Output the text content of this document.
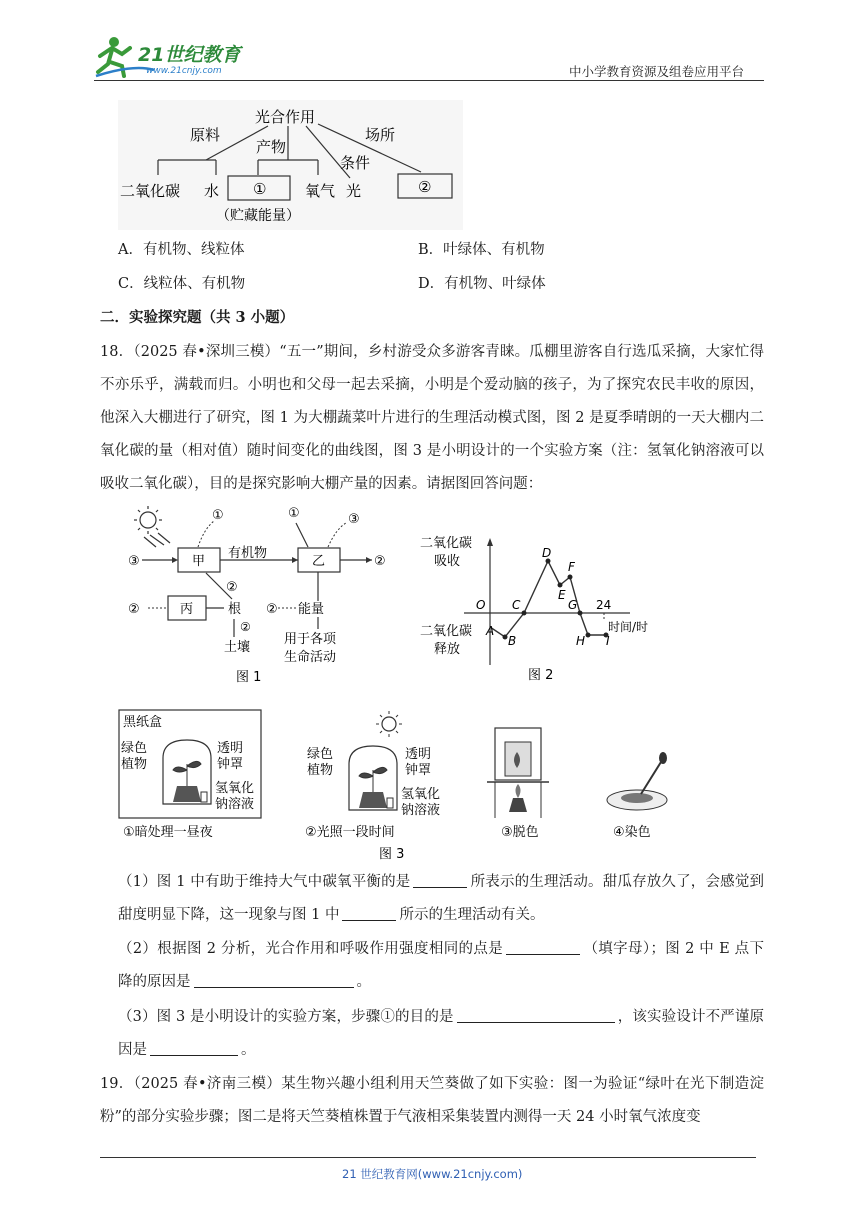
21世纪教育
www.21cnjy.com	中小学教育资源及组卷应用平台
光合作用
原料
产物
条件
场所
二氧化碳 水 ①	氧气 光	②
（贮藏能量）
A．有机物、线粒体	B．叶绿体、有机物
C．线粒体、有机物	D．有机物、叶绿体
二．实验探究题（共 3 小题）
18．（2025 春•深圳三模）“五一”期间，乡村游受众多游客青睐。瓜棚里游客自行选瓜采摘，大家忙得不亦乐乎，满载而归。小明也和父母一起去采摘，小明是个爱动脑的孩子，为了探究农民丰收的原因，他深入大棚进行了研究，图 1 为大棚蔬菜叶片进行的生理活动模式图，图 2 是夏季晴朗的一天大棚内二氧化碳的量（相对值）随时间变化的曲线图，图 3 是小明设计的一个实验方案（注：氢氧化钠溶液可以吸收二氧化碳），目的是探究影响大棚产量的因素。请据图回答问题：
甲
③
①
有机物
乙
①	③
②
丙
②	根
②
②
土壤
能量
②
用于各项
生命活动
图 1
二氧化碳
吸收
二氧化碳
释放
O	24
时间/时
A
B
C
D
E
F
G
H I
图 2
黑纸盒
绿色
植物
透明
钟罩
氢氧化
钠溶液
①暗处理一昼夜
绿色
植物
透明
钟罩
氢氧化
钠溶液
②光照一段时间	③脱色	④染色
图 3
（1）图 1 中有助于维持大气中碳氧平衡的是	所表示的生理活动。甜瓜存放久了，会感觉到甜度明显下降，这一现象与图 1 中	所示的生理活动有关。
（2）根据图 2 分析，光合作用和呼吸作用强度相同的点是	（填字母）；图 2 中 E 点下降的原因是	。
（3）图 3 是小明设计的实验方案，步骤①的目的是	，该实验设计不严谨原因是	。
19．（2025 春•济南三模）某生物兴趣小组利用天竺葵做了如下实验：图一为验证“绿叶在光下制造淀粉”的部分实验步骤；图二是将天竺葵植株置于气液相采集装置内测得一天 24 小时氧气浓度变
21 世纪教育网(www.21cnjy.com)
